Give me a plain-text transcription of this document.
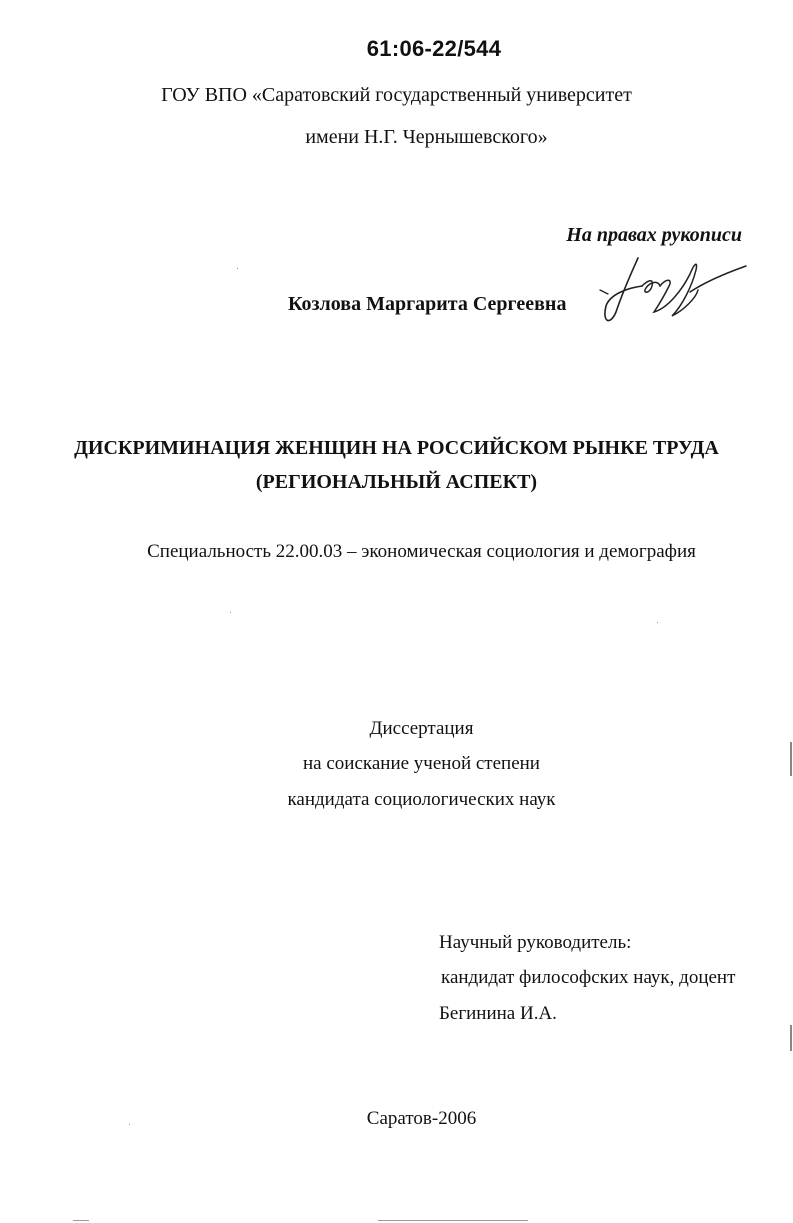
61:06-22/544
ГОУ ВПО «Саратовский государственный университет
имени Н.Г. Чернышевского»
На правах рукописи
Козлова Маргарита Сергеевна
ДИСКРИМИНАЦИЯ ЖЕНЩИН НА РОССИЙСКОМ РЫНКЕ ТРУДА
(РЕГИОНАЛЬНЫЙ АСПЕКТ)
Специальность 22.00.03 – экономическая социология и демография
Диссертация
на соискание ученой степени
кандидата социологических наук
Научный руководитель:
кандидат философских наук, доцент
Бегинина И.А.
Саратов-2006
